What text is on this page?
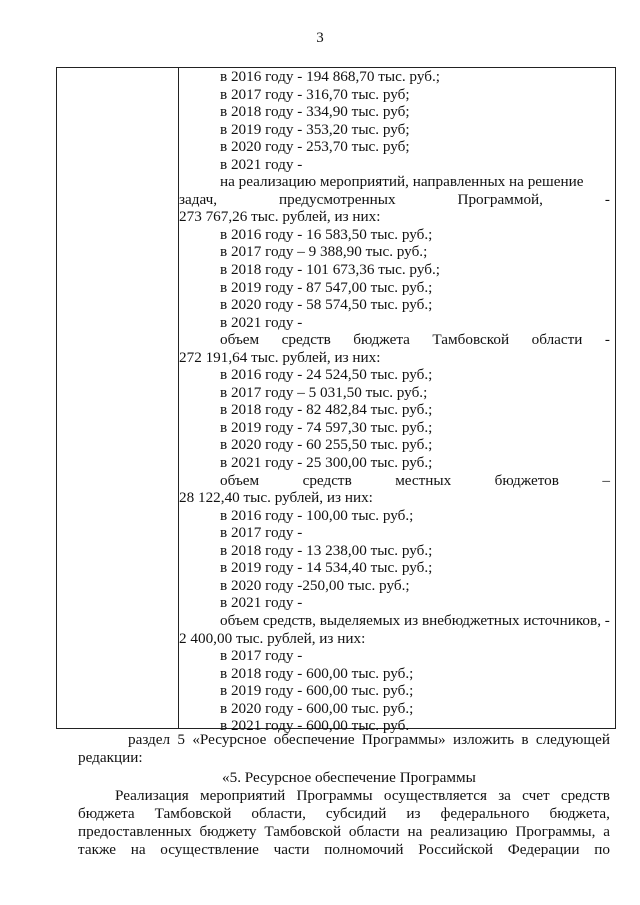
3
в 2016 году - 194 868,70 тыс. руб.;
в 2017 году - 316,70 тыс. руб;
в 2018 году - 334,90 тыс. руб;
в 2019 году - 353,20 тыс. руб;
в 2020 году - 253,70 тыс. руб;
в 2021 году -
на реализацию мероприятий, направленных на решение
задач,	предусмотренных	Программой,	-
273 767,26 тыс. рублей, из них:
в 2016 году - 16 583,50 тыс. руб.;
в 2017 году – 9 388,90 тыс. руб.;
в 2018 году - 101 673,36 тыс. руб.;
в 2019 году - 87 547,00 тыс. руб.;
в 2020 году - 58 574,50 тыс. руб.;
в 2021 году -
объем средств бюджета Тамбовской области -
272 191,64 тыс. рублей, из них:
в 2016 году - 24 524,50 тыс. руб.;
в 2017 году – 5 031,50 тыс. руб.;
в 2018 году - 82 482,84 тыс. руб.;
в 2019 году - 74 597,30 тыс. руб.;
в 2020 году - 60 255,50 тыс. руб.;
в 2021 году - 25 300,00 тыс. руб.;
объем	средств	местных	бюджетов	–
28 122,40 тыс. рублей, из них:
в 2016 году - 100,00 тыс. руб.;
в 2017 году -
в 2018 году - 13 238,00 тыс. руб.;
в 2019 году - 14 534,40 тыс. руб.;
в 2020 году -250,00 тыс. руб.;
в 2021 году -
объем средств, выделяемых из внебюджетных источников, -
2 400,00 тыс. рублей, из них:
в 2017 году -
в 2018 году - 600,00 тыс. руб.;
в 2019 году - 600,00 тыс. руб.;
в 2020 году - 600,00 тыс. руб.;
в 2021 году - 600,00 тыс. руб.
раздел 5 «Ресурсное обеспечение Программы» изложить в следующей
редакции:
«5. Ресурсное обеспечение Программы
Реализация мероприятий Программы осуществляется за счет средств
бюджета Тамбовской области, субсидий из федерального бюджета,
предоставленных бюджету Тамбовской области на реализацию Программы, а
также на осуществление части полномочий Российской Федерации по
